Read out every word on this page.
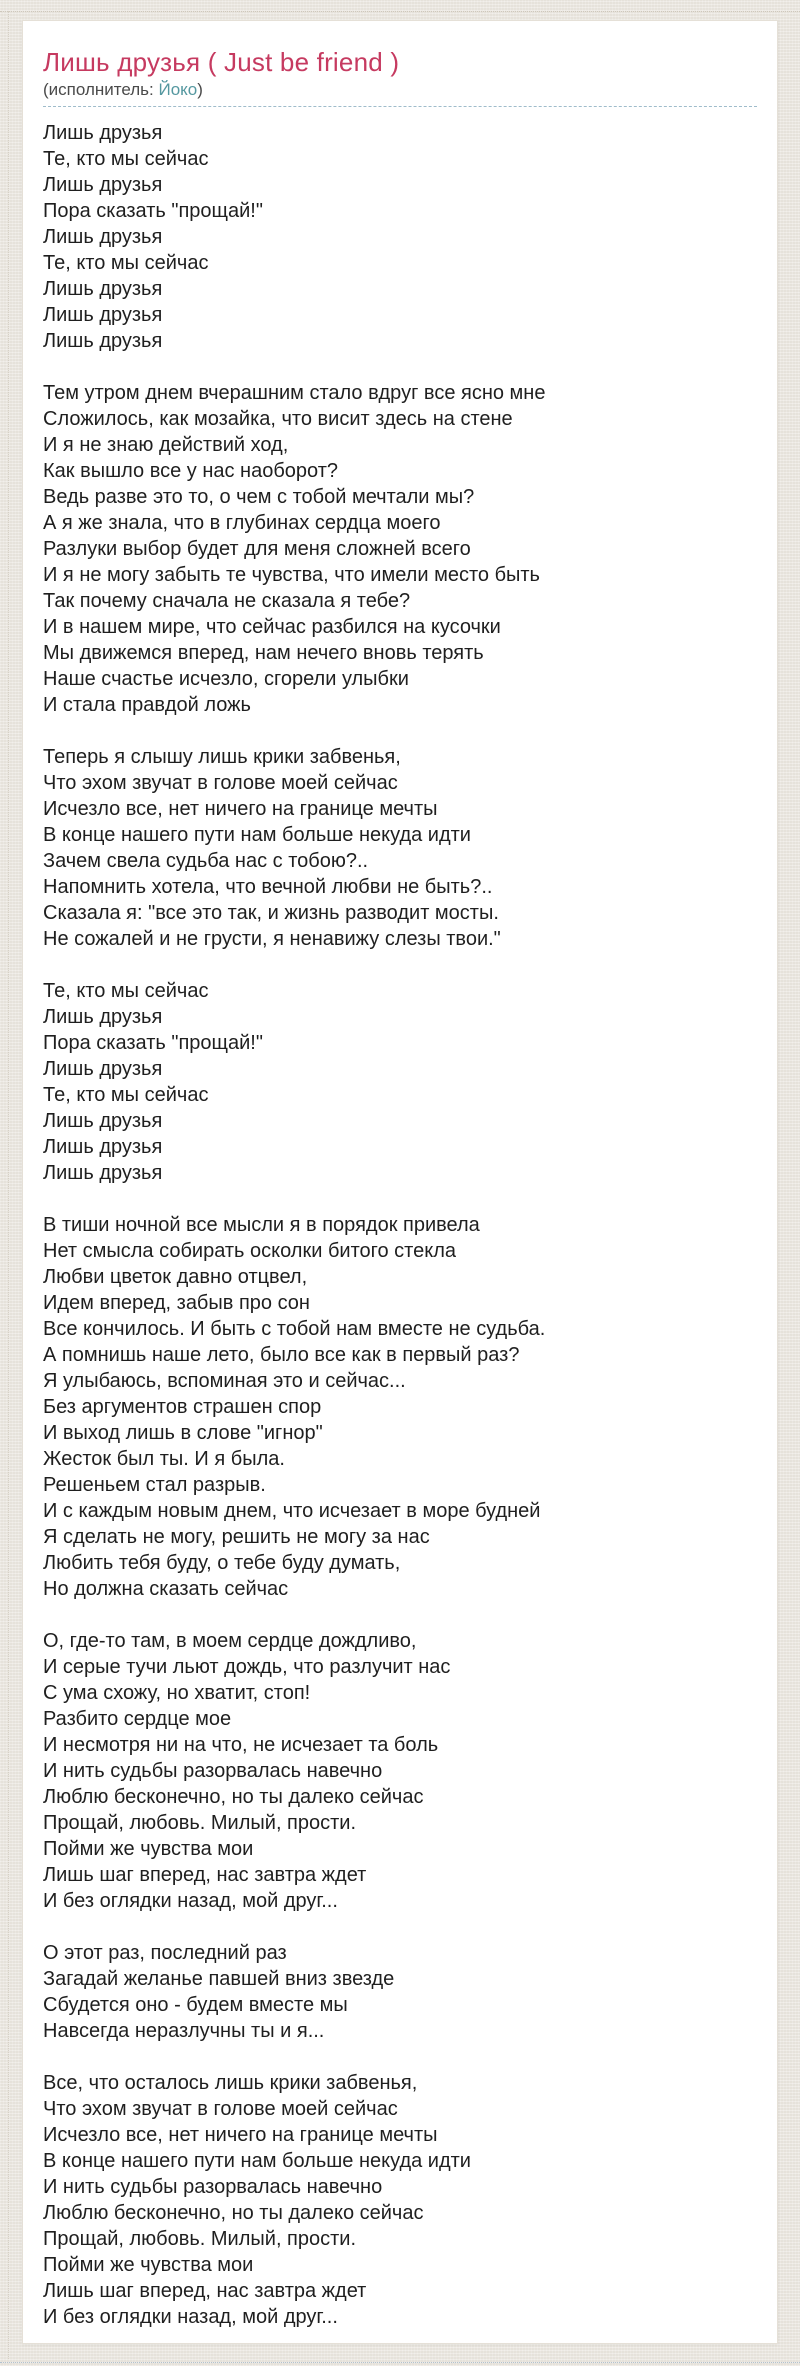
Лишь друзья ( Just be friend )
(исполнитель: Йоко)
Лишь друзья
Те, кто мы сейчас
Лишь друзья
Пора сказать "прощай!"
Лишь друзья
Те, кто мы сейчас
Лишь друзья
Лишь друзья
Лишь друзья
Тем утром днем вчерашним стало вдруг все ясно мне
Сложилось, как мозайка, что висит здесь на стене
И я не знаю действий ход,
Как вышло все у нас наоборот?
Ведь разве это то, о чем с тобой мечтали мы?
А я же знала, что в глубинах сердца моего
Разлуки выбор будет для меня сложней всего
И я не могу забыть те чувства, что имели место быть
Так почему сначала не сказала я тебе?
И в нашем мире, что сейчас разбился на кусочки
Мы движемся вперед, нам нечего вновь терять
Наше счастье исчезло, сгорели улыбки
И стала правдой ложь
Теперь я слышу лишь крики забвенья,
Что эхом звучат в голове моей сейчас
Исчезло все, нет ничего на границе мечты
В конце нашего пути нам больше некуда идти
Зачем свела судьба нас с тобою?..
Напомнить хотела, что вечной любви не быть?..
Сказала я: "все это так, и жизнь разводит мосты.
Не сожалей и не грусти, я ненавижу слезы твои."
Те, кто мы сейчас
Лишь друзья
Пора сказать "прощай!"
Лишь друзья
Те, кто мы сейчас
Лишь друзья
Лишь друзья
Лишь друзья
В тиши ночной все мысли я в порядок привела
Нет смысла собирать осколки битого стекла
Любви цветок давно отцвел,
Идем вперед, забыв про сон
Все кончилось. И быть с тобой нам вместе не судьба.
А помнишь наше лето, было все как в первый раз?
Я улыбаюсь, вспоминая это и сейчас...
Без аргументов страшен спор
И выход лишь в слове "игнор"
Жесток был ты. И я была.
Решеньем стал разрыв.
И с каждым новым днем, что исчезает в море будней
Я сделать не могу, решить не могу за нас
Любить тебя буду, о тебе буду думать,
Но должна сказать сейчас
О, где-то там, в моем сердце дождливо,
И серые тучи льют дождь, что разлучит нас
С ума схожу, но хватит, стоп!
Разбито сердце мое
И несмотря ни на что, не исчезает та боль
И нить судьбы разорвалась навечно
Люблю бесконечно, но ты далеко сейчас
Прощай, любовь. Милый, прости.
Пойми же чувства мои
Лишь шаг вперед, нас завтра ждет
И без оглядки назад, мой друг...
О этот раз, последний раз
Загадай желанье павшей вниз звезде
Сбудется оно - будем вместе мы
Навсегда неразлучны ты и я...
Все, что осталось лишь крики забвенья,
Что эхом звучат в голове моей сейчас
Исчезло все, нет ничего на границе мечты
В конце нашего пути нам больше некуда идти
И нить судьбы разорвалась навечно
Люблю бесконечно, но ты далеко сейчас
Прощай, любовь. Милый, прости.
Пойми же чувства мои
Лишь шаг вперед, нас завтра ждет
И без оглядки назад, мой друг...
